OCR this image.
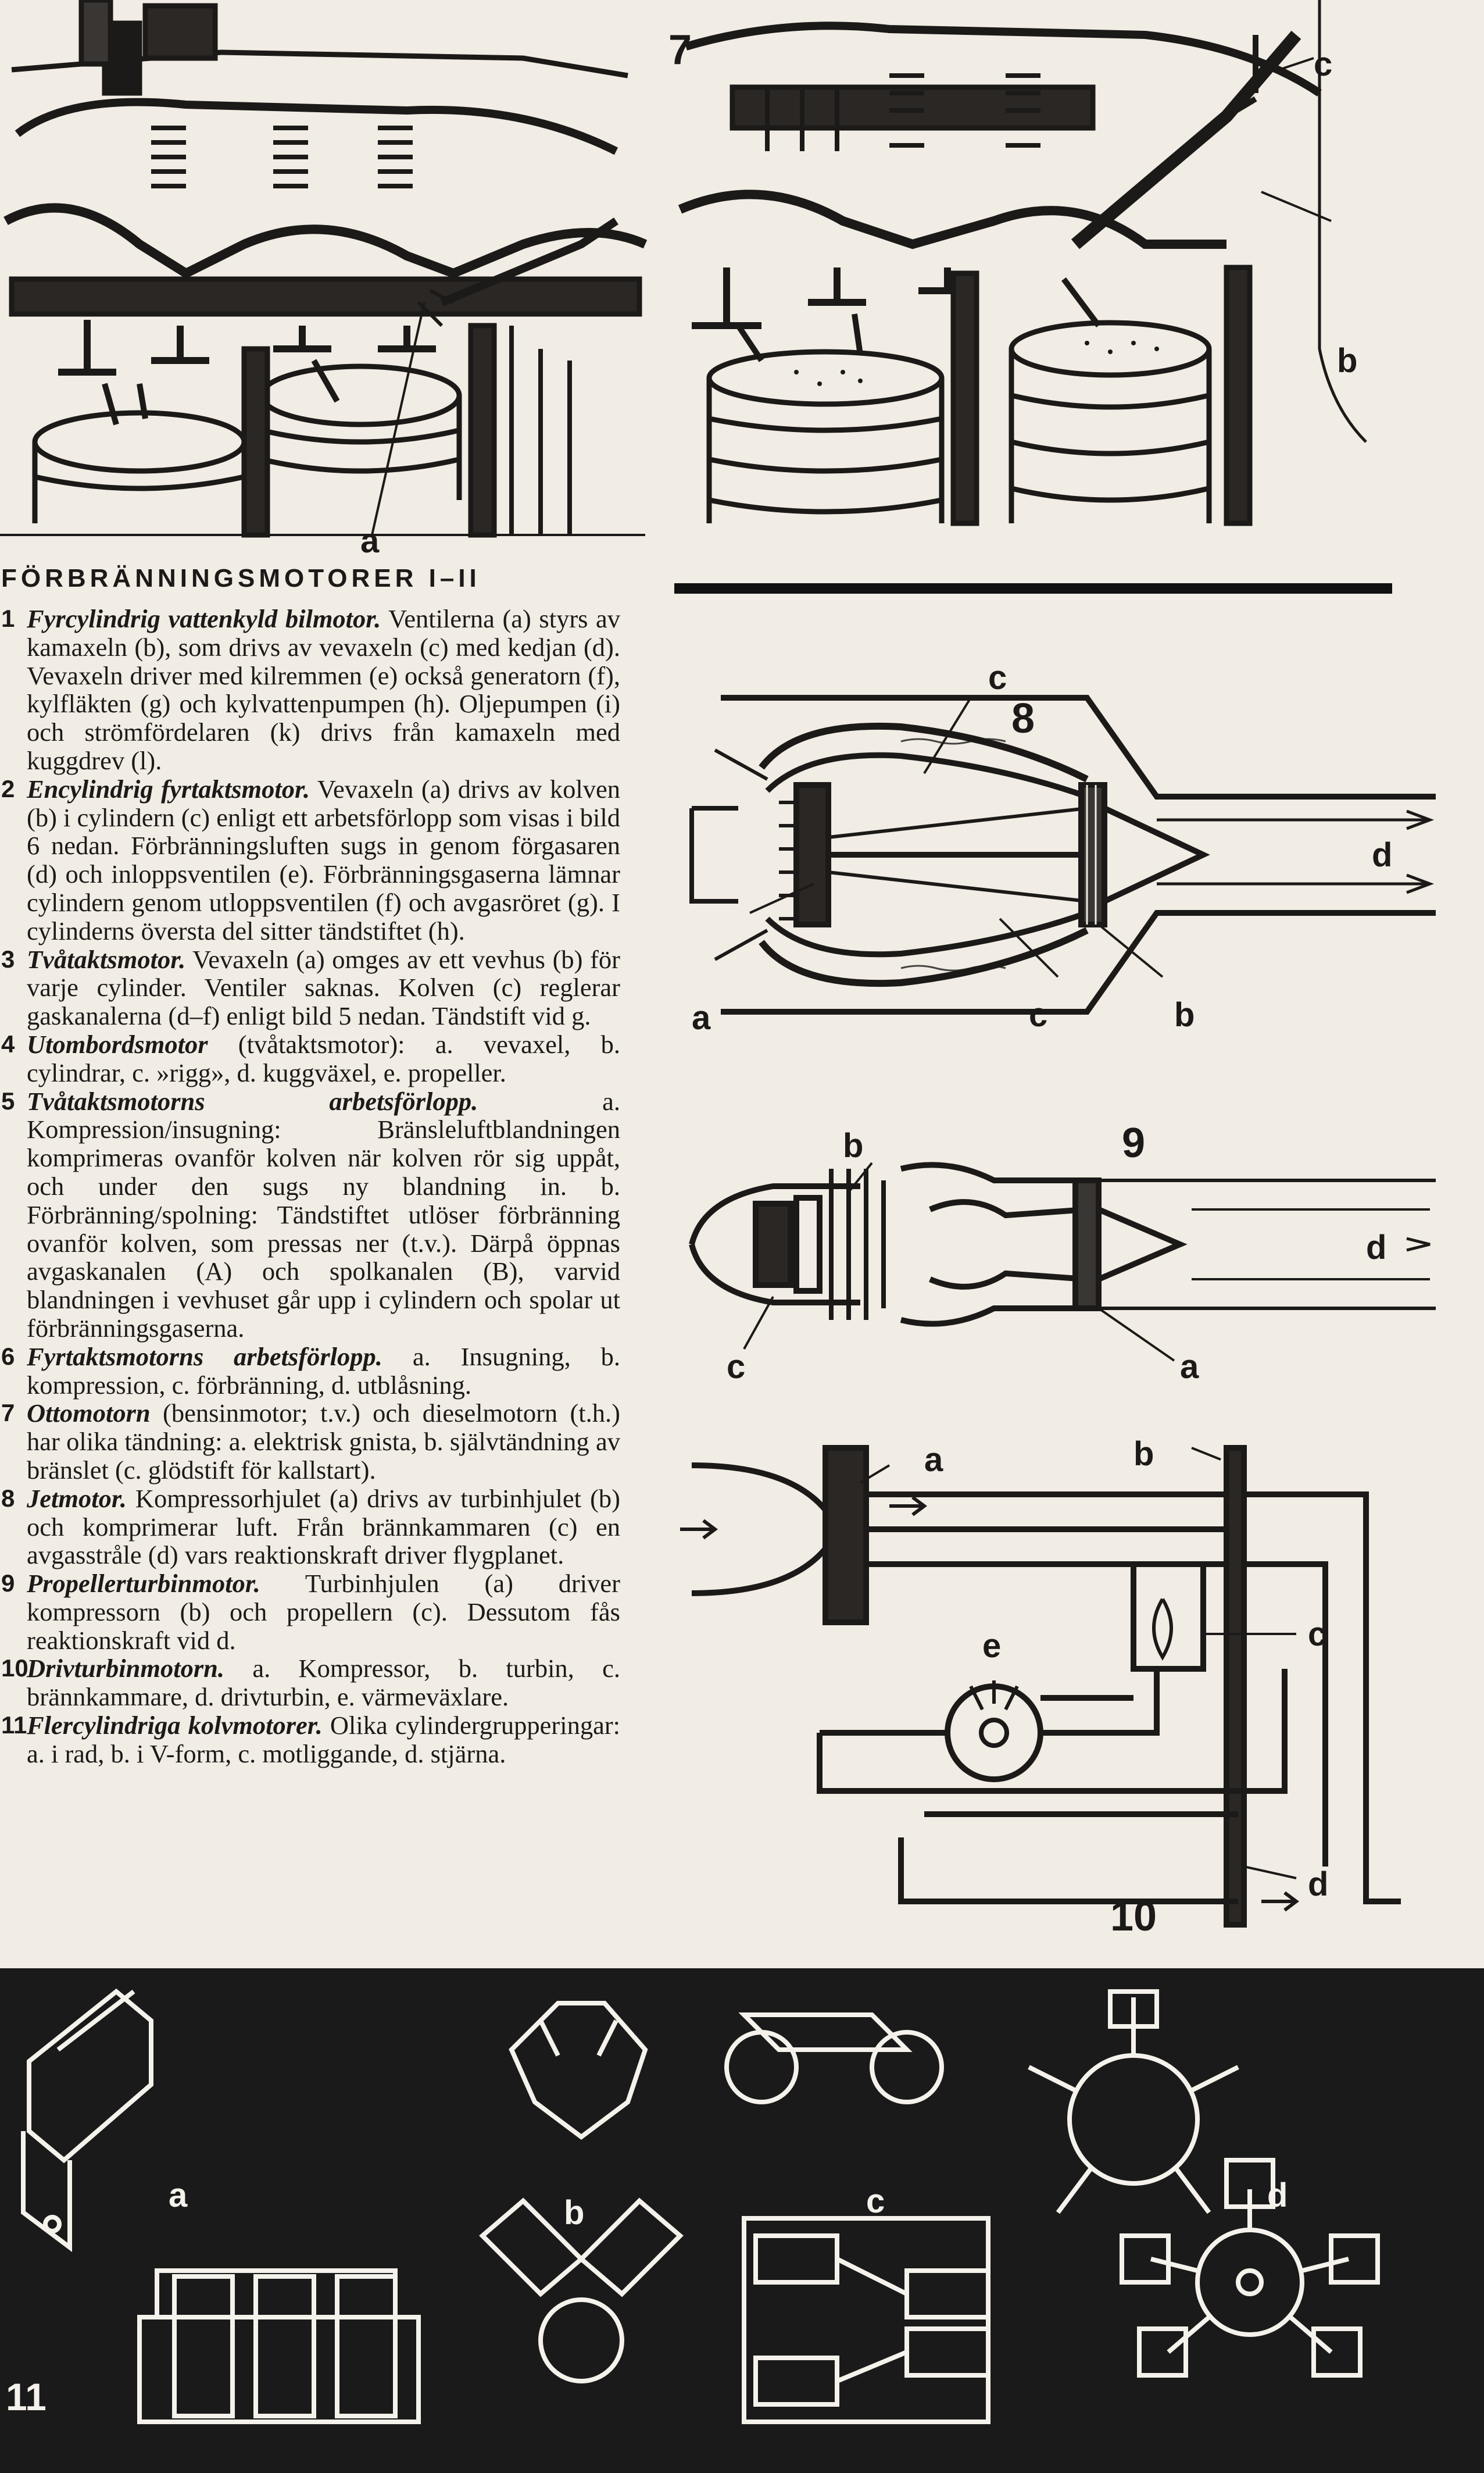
a
7	c
b
FÖRBRÄNNINGSMOTORER I–II
1 Fyrcylindrig vattenkyld bilmotor. Ventilerna (a) styrs av kamaxeln (b), som drivs av vevaxeln (c) med kedjan (d). Vevaxeln driver med kilremmen (e) också generatorn (f), kylfläkten (g) och kylvattenpumpen (h). Oljepumpen (i) och strömfördelaren (k) drivs från kamaxeln med kuggdrev (l).
2 Encylindrig fyrtaktsmotor. Vevaxeln (a) drivs av kolven (b) i cylindern (c) enligt ett arbetsförlopp som visas i bild 6 nedan. Förbränningsluften sugs in genom förgasaren (d) och inloppsventilen (e). Förbränningsgaserna lämnar cylindern genom utloppsventilen (f) och avgasröret (g). I cylinderns översta del sitter tändstiftet (h).
3 Tvåtaktsmotor. Vevaxeln (a) omges av ett vevhus (b) för varje cylinder. Ventiler saknas. Kolven (c) reglerar gaskanalerna (d–f) enligt bild 5 nedan. Tändstift vid g.
4 Utombordsmotor (tvåtaktsmotor): a. vevaxel, b. cylindrar, c. »rigg», d. kuggväxel, e. propeller.
5 Tvåtaktsmotorns arbetsförlopp. a. Kompression/insugning: Bränsleluftblandningen komprimeras ovanför kolven när kolven rör sig uppåt, och under den sugs ny blandning in. b. Förbränning/spolning: Tändstiftet utlöser förbränning ovanför kolven, som pressas ner (t.v.). Därpå öppnas avgaskanalen (A) och spolkanalen (B), varvid blandningen i vevhuset går upp i cylindern och spolar ut förbränningsgaserna.
6 Fyrtaktsmotorns arbetsförlopp. a. Insugning, b. kompression, c. förbränning, d. utblåsning.
7 Ottomotorn (bensinmotor; t.v.) och dieselmotorn (t.h.) har olika tändning: a. elektrisk gnista, b. självtändning av bränslet (c. glödstift för kallstart).
8 Jetmotor. Kompressorhjulet (a) drivs av turbinhjulet (b) och komprimerar luft. Från brännkammaren (c) en avgasstråle (d) vars reaktionskraft driver flygplanet.
9 Propellerturbinmotor. Turbinhjulen (a) driver kompressorn (b) och propellern (c). Dessutom fås reaktionskraft vid d.
10
Drivturbinmotorn. a. Kompressor, b. turbin, c. brännkammare, d. drivturbin, e. värmeväxlare.
11 Flercylindriga kolvmotorer. Olika cylindergrupperingar: a. i rad, b. i V-form, c. motliggande, d. stjärna.
8
c
d
a	c	b
9
b
d
c	a
a	b
c
e
d
10
a	b	c	d
11
